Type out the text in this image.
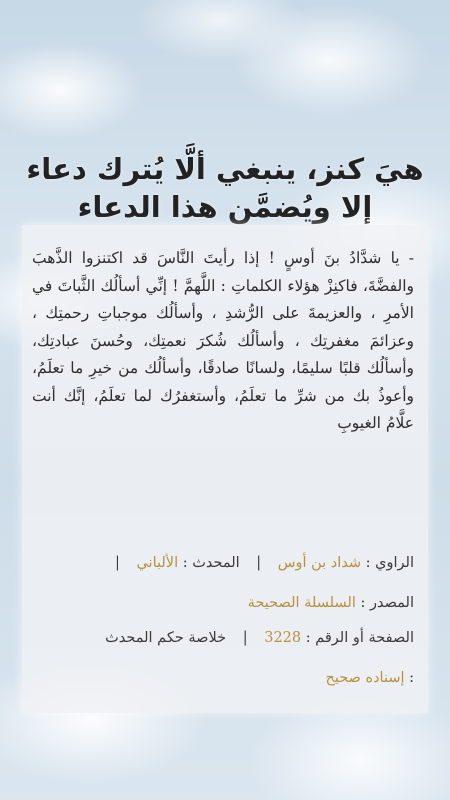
هيَ كنز، ينبغي ألَّا يُترك دعاء
إلا ويُضمَّن هذا الدعاء
- يا شدَّادُ بنَ أوسٍ ! إذا رأيتَ النَّاسَ قد اكتنزوا الذَّهبَ والفضَّةَ، فاكنِزْ هؤلاء الكلماتِ : اللَّهمَّ ! إنِّي أسألُك الثَّباتَ في الأمرِ ، والعزيمةَ على الرُّشدِ ، وأسألُك موجباتِ رحمتِك ، وعزائمَ مغفرتِك ، وأسألُك شُكرَ نعمتِك، وحُسنَ عبادتِك، وأسألُك قلبًا سليمًا، ولسانًا صادقًا، وأسألُك من خيرِ ما تعلَمُ، وأعوذُ بك من شرِّ ما تعلَمُ، وأستغفرُك لما تعلَمُ، إنَّك أنت علَّامُ الغيوبِ
الراوي : شداد بن أوس | المحدث : الألباني |
المصدر : السلسلة الصحيحة
الصفحة أو الرقم : 3228 | خلاصة حكم المحدث
: إسناده صحيح
